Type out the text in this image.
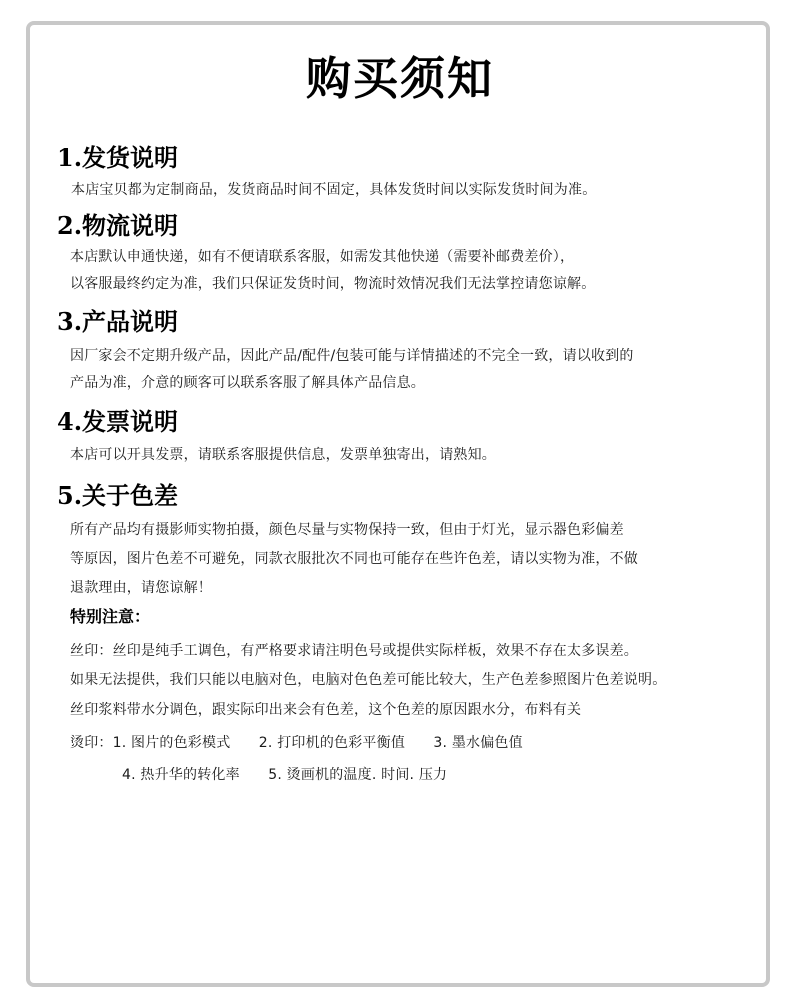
购买须知
1.发货说明
本店宝贝都为定制商品，发货商品时间不固定，具体发货时间以实际发货时间为准。
2.物流说明
本店默认申通快递，如有不便请联系客服，如需发其他快递（需要补邮费差价），
以客服最终约定为准，我们只保证发货时间，物流时效情况我们无法掌控请您谅解。
3.产品说明
因厂家会不定期升级产品，因此产品/配件/包装可能与详情描述的不完全一致，请以收到的
产品为准，介意的顾客可以联系客服了解具体产品信息。
4.发票说明
本店可以开具发票，请联系客服提供信息，发票单独寄出，请熟知。
5.关于色差
所有产品均有摄影师实物拍摄，颜色尽量与实物保持一致，但由于灯光，显示器色彩偏差
等原因，图片色差不可避免，同款衣服批次不同也可能存在些许色差，请以实物为准，不做
退款理由，请您谅解！
特别注意：
丝印：丝印是纯手工调色，有严格要求请注明色号或提供实际样板，效果不存在太多误差。
如果无法提供，我们只能以电脑对色，电脑对色色差可能比较大，生产色差参照图片色差说明。
丝印浆料带水分调色，跟实际印出来会有色差，这个色差的原因跟水分，布料有关
烫印：1. 图片的色彩模式　　2. 打印机的色彩平衡值　　3. 墨水偏色值
4. 热升华的转化率　　5. 烫画机的温度. 时间. 压力
